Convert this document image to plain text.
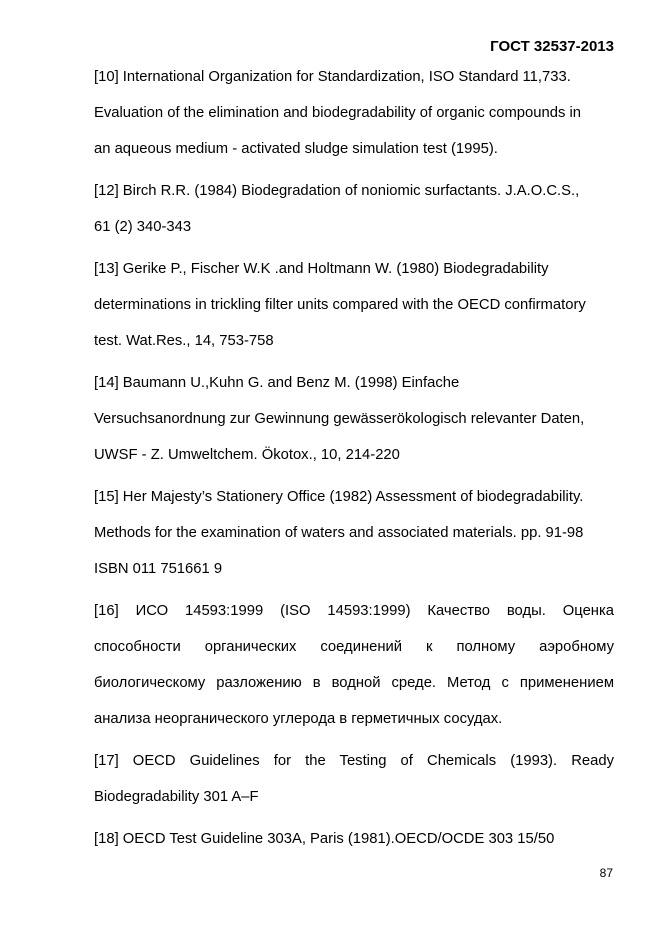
ГОСТ 32537-2013
[10] International Organization for Standardization, ISO Standard 11,733.
Evaluation of the elimination and biodegradability of organic compounds in
an aqueous medium - activated sludge simulation test (1995).
[12] Birch R.R. (1984) Biodegradation of noniomic surfactants. J.A.O.C.S.,
61 (2) 340-343
[13] Gerike P., Fischer W.K .and Holtmann W. (1980) Biodegradability
determinations in trickling filter units compared with the OECD confirmatory
test. Wat.Res., 14, 753-758
[14] Baumann U.,Kuhn G. and Benz M. (1998) Einfache
Versuchsanordnung zur Gewinnung gewässerökologisch relevanter Daten,
UWSF - Z. Umweltchem. Ökotox., 10, 214-220
[15] Her Majesty’s Stationery Office (1982) Assessment of biodegradability.
Methods for the examination of waters and associated materials. pp. 91-98
ISBN 011 751661 9
[16] ИСО 14593:1999 (ISO 14593:1999) Качество воды. Оценка
способности органических соединений к полному аэробному
биологическому разложению в водной среде. Метод с применением
анализа неорганического углерода в герметичных сосудах.
[17] OECD Guidelines for the Testing of Chemicals (1993). Ready
Biodegradability 301 A–F
[18] OECD Test Guideline 303A, Paris (1981).OECD/OCDE 303 15/50
87
